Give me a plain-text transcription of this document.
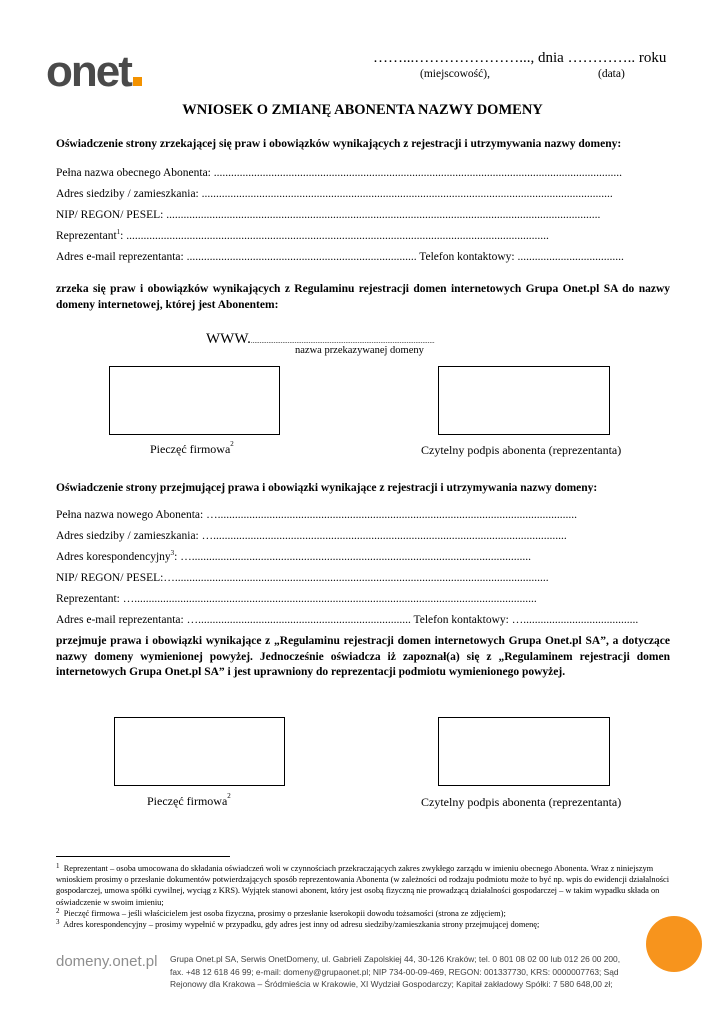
onet	……...…………………..., dnia ………….. roku
(miejscowość),	(data)
WNIOSEK O ZMIANĘ ABONENTA NAZWY DOMENY
Oświadczenie strony zrzekającej się praw i obowiązków wynikających z rejestracji i utrzymywania nazwy domeny:
Pełna nazwa obecnego Abonenta: ..............................................................................................................................................
Adres siedziby / zamieszkania: ...............................................................................................................................................
NIP/ REGON/ PESEL: .......................................................................................................................................................
Reprezentant$^1$: ...................................................................................................................................................
Adres e-mail reprezentanta: ................................................................................ Telefon kontaktowy: .....................................
zrzeka się praw i obowiązków wynikających z Regulaminu rejestracji domen internetowych Grupa Onet.pl SA do nazwy domeny internetowej, której jest Abonentem:
WWW..........................................................................................................
nazwa przekazywanej domeny
Pieczęć firmowa$^2$	Czytelny podpis abonenta (reprezentanta)
Oświadczenie strony przejmującej prawa i obowiązki wynikające z rejestracji i utrzymywania nazwy domeny:
Pełna nazwa nowego Abonenta: ….............................................................................................................................
Adres siedziby / zamieszkania: …...........................................................................................................................
Adres korespondencyjny$^3$: …......................................................................................................................
NIP/ REGON/ PESEL:…..................................................................................................................................
Reprezentant: …............................................................................................................................................
Adres e-mail reprezentanta: ….......................................................................... Telefon kontaktowy: …........................................
przejmuje prawa i obowiązki wynikające z „Regulaminu rejestracji domen internetowych Grupa Onet.pl SA”, a dotyczące nazwy domeny wymienionej powyżej. Jednocześnie oświadcza iż zapoznał(a) się z „Regulaminem rejestracji domen internetowych Grupa Onet.pl SA” i jest uprawniony do reprezentacji podmiotu wymienionego powyżej.
Pieczęć firmowa$^2$	Czytelny podpis abonenta (reprezentanta)
$^1$ Reprezentant – osoba umocowana do składania oświadczeń woli w czynnościach przekraczających zakres zwykłego zarządu w imieniu obecnego Abonenta. Wraz z niniejszym wnioskiem prosimy o przesłanie dokumentów potwierdzających sposób reprezentowania Abonenta (w zależności od rodzaju podmiotu może to być np. wpis do ewidencji działalności gospodarczej, umowa spółki cywilnej, wyciąg z KRS). Wyjątek stanowi abonent, który jest osobą fizyczną nie prowadzącą działalności gospodarczej – w takim wypadku składa on oświadczenie w swoim imieniu;
$^2$ Pieczęć firmowa – jeśli właścicielem jest osoba fizyczna, prosimy o przesłanie kserokopii dowodu tożsamości (strona ze zdjęciem);
$^3$ Adres korespondencyjny – prosimy wypełnić w przypadku, gdy adres jest inny od adresu siedziby/zamieszkania strony przejmującej domenę;
domeny.onet.pl Grupa Onet.pl SA, Serwis OnetDomeny, ul. Gabrieli Zapolskiej 44, 30-126 Kraków; tel. 0 801 08 02 00 lub 012 26 00 200,
fax. +48 12 618 46 99; e-mail: domeny@grupaonet.pl; NIP 734-00-09-469, REGON: 001337730, KRS: 0000007763; Sąd
Rejonowy dla Krakowa – Śródmieścia w Krakowie, XI Wydział Gospodarczy; Kapitał zakładowy Spółki: 7 580 648,00 zł;
